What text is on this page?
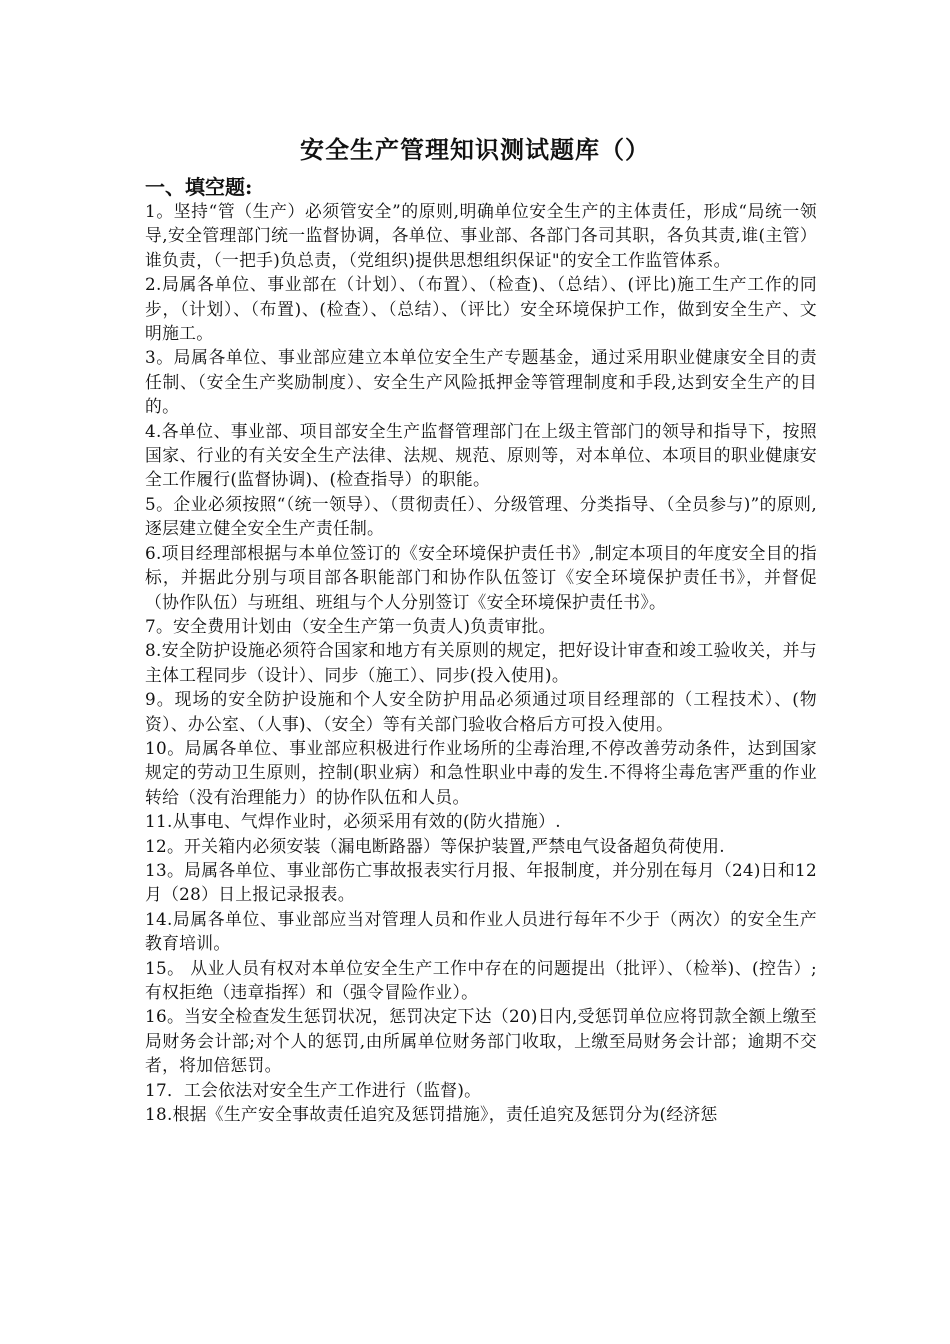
安全生产管理知识测试题库（）
一、填空题:
1。坚持“管（生产）必须管安全”的原则,明确单位安全生产的主体责任，形成“局统一领导,安全管理部门统一监督协调，各单位、事业部、各部门各司其职，各负其责,谁(主管）谁负责，（一把手)负总责，（党组织)提供思想组织保证"的安全工作监管体系。
2.局属各单位、事业部在（计划）、（布置）、（检查)、（总结）、(评比)施工生产工作的同步，（计划）、（布置)、(检查）、（总结）、（评比）安全环境保护工作，做到安全生产、文明施工。
3。局属各单位、事业部应建立本单位安全生产专题基金，通过采用职业健康安全目的责任制、（安全生产奖励制度）、安全生产风险抵押金等管理制度和手段,达到安全生产的目的。
4.各单位、事业部、项目部安全生产监督管理部门在上级主管部门的领导和指导下，按照国家、行业的有关安全生产法律、法规、规范、原则等，对本单位、本项目的职业健康安全工作履行(监督协调)、(检查指导）的职能。
5。企业必须按照“（统一领导）、（贯彻责任）、分级管理、分类指导、（全员参与)”的原则,逐层建立健全安全生产责任制。
6.项目经理部根据与本单位签订的《安全环境保护责任书》,制定本项目的年度安全目的指标，并据此分别与项目部各职能部门和协作队伍签订《安全环境保护责任书》，并督促（协作队伍）与班组、班组与个人分别签订《安全环境保护责任书》。
7。安全费用计划由（安全生产第一负责人)负责审批。
8.安全防护设施必须符合国家和地方有关原则的规定，把好设计审查和竣工验收关，并与主体工程同步（设计）、同步（施工）、同步(投入使用)。
9。现场的安全防护设施和个人安全防护用品必须通过项目经理部的（工程技术）、(物资）、办公室、（人事)、（安全）等有关部门验收合格后方可投入使用。
10。局属各单位、事业部应积极进行作业场所的尘毒治理,不停改善劳动条件，达到国家规定的劳动卫生原则，控制(职业病）和急性职业中毒的发生.不得将尘毒危害严重的作业转给（没有治理能力）的协作队伍和人员。
11.从事电、气焊作业时，必须采用有效的(防火措施）.
12。开关箱内必须安装（漏电断路器）等保护装置,严禁电气设备超负荷使用.
13。局属各单位、事业部伤亡事故报表实行月报、年报制度，并分别在每月（24)日和12月（28）日上报记录报表。
14.局属各单位、事业部应当对管理人员和作业人员进行每年不少于（两次）的安全生产教育培训。
15。 从业人员有权对本单位安全生产工作中存在的问题提出（批评）、（检举)、(控告）;有权拒绝（违章指挥）和（强令冒险作业）。
16。当安全检查发生惩罚状况，惩罚决定下达（20)日内,受惩罚单位应将罚款全额上缴至局财务会计部;对个人的惩罚,由所属单位财务部门收取，上缴至局财务会计部；逾期不交者，将加倍惩罚。
17．工会依法对安全生产工作进行（监督)。
18.根据《生产安全事故责任追究及惩罚措施》，责任追究及惩罚分为(经济惩
